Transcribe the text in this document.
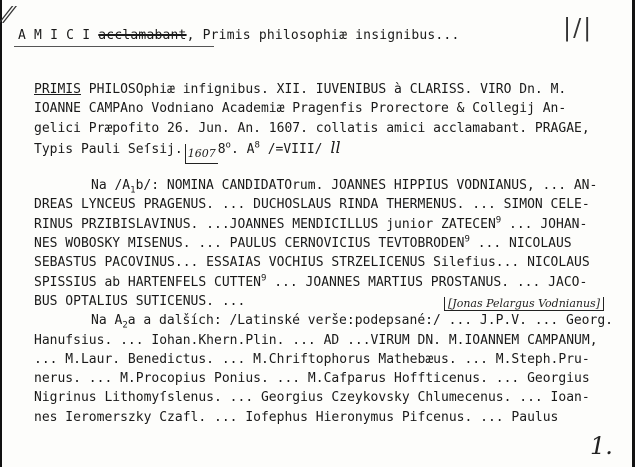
⁄⁄	|/|
A M I C I acclamabant, Primis philosophiæ insignibus...
PRIMIS PHILOSOphiæ infignibus. XII. IUVENIBUS à CLARISS. VIRO Dn. M.
IOANNE CAMPAno Vodniano Academiæ Pragenfis Prorectore & Collegij An-
gelici Præpofito 26. Jun. An. 1607. collatis amici acclamabant. PRAGAE,
Typis Pauli Seſsij. 1607 8$^o$. $A^8$ /=VIII/ ll
Na $/A_1b/$: NOMINA CANDIDATOrum. JOANNES HIPPIUS VODNIANUS, ... AN-
DREAS LYNCEUS PRAGENUS. ... DUCHOSLAUS RINDA THERMENUS. ... SIMON CELE-
RINUS PRZIBISLAVINUS. ...JOANNES MENDICILLUS junior ZATECEN$^9$ ... JOHAN-
NES WOBOSKY MISENUS. ... PAULUS CERNOVICIUS TEVTOBRODEN$^9$ ... NICOLAUS
SEBASTUS PACOVINUS... ESSAIAS VOCHIUS STRZELICENUS Silefius... NICOLAUS
SPISSIUS ab HARTENFELS CUTTEN$^9$ ... JOANNES MARTIUS PROSTANUS. ... JACO-
BUS OPTALIUS SUTICENUS. ...
Na $A_2a$ a dalších: /Latinské verše:podepsané:/ ... J.P.V. ... Georg.
Hanufsius. ... Iohan.Khern.Plin. ... AD ...VIRUM DN. M.IOANNEM CAMPANUM,
... M.Laur. Benedictus. ... M.Chriftophorus Mathebæus. ... M.Steph.Pru-
nerus. ... M.Procopius Ponius. ... M.Cafparus Hoffticenus. ... Georgius
Nigrinus Lithomyſslenus. ... Georgius Czeykovsky Chlumecenus. ... Ioan-
nes Ieromerszky Czafl. ... Iofephus Hieronymus Pifcenus. ... Paulus
[Jonas Pelargus Vodnianus]
1.
